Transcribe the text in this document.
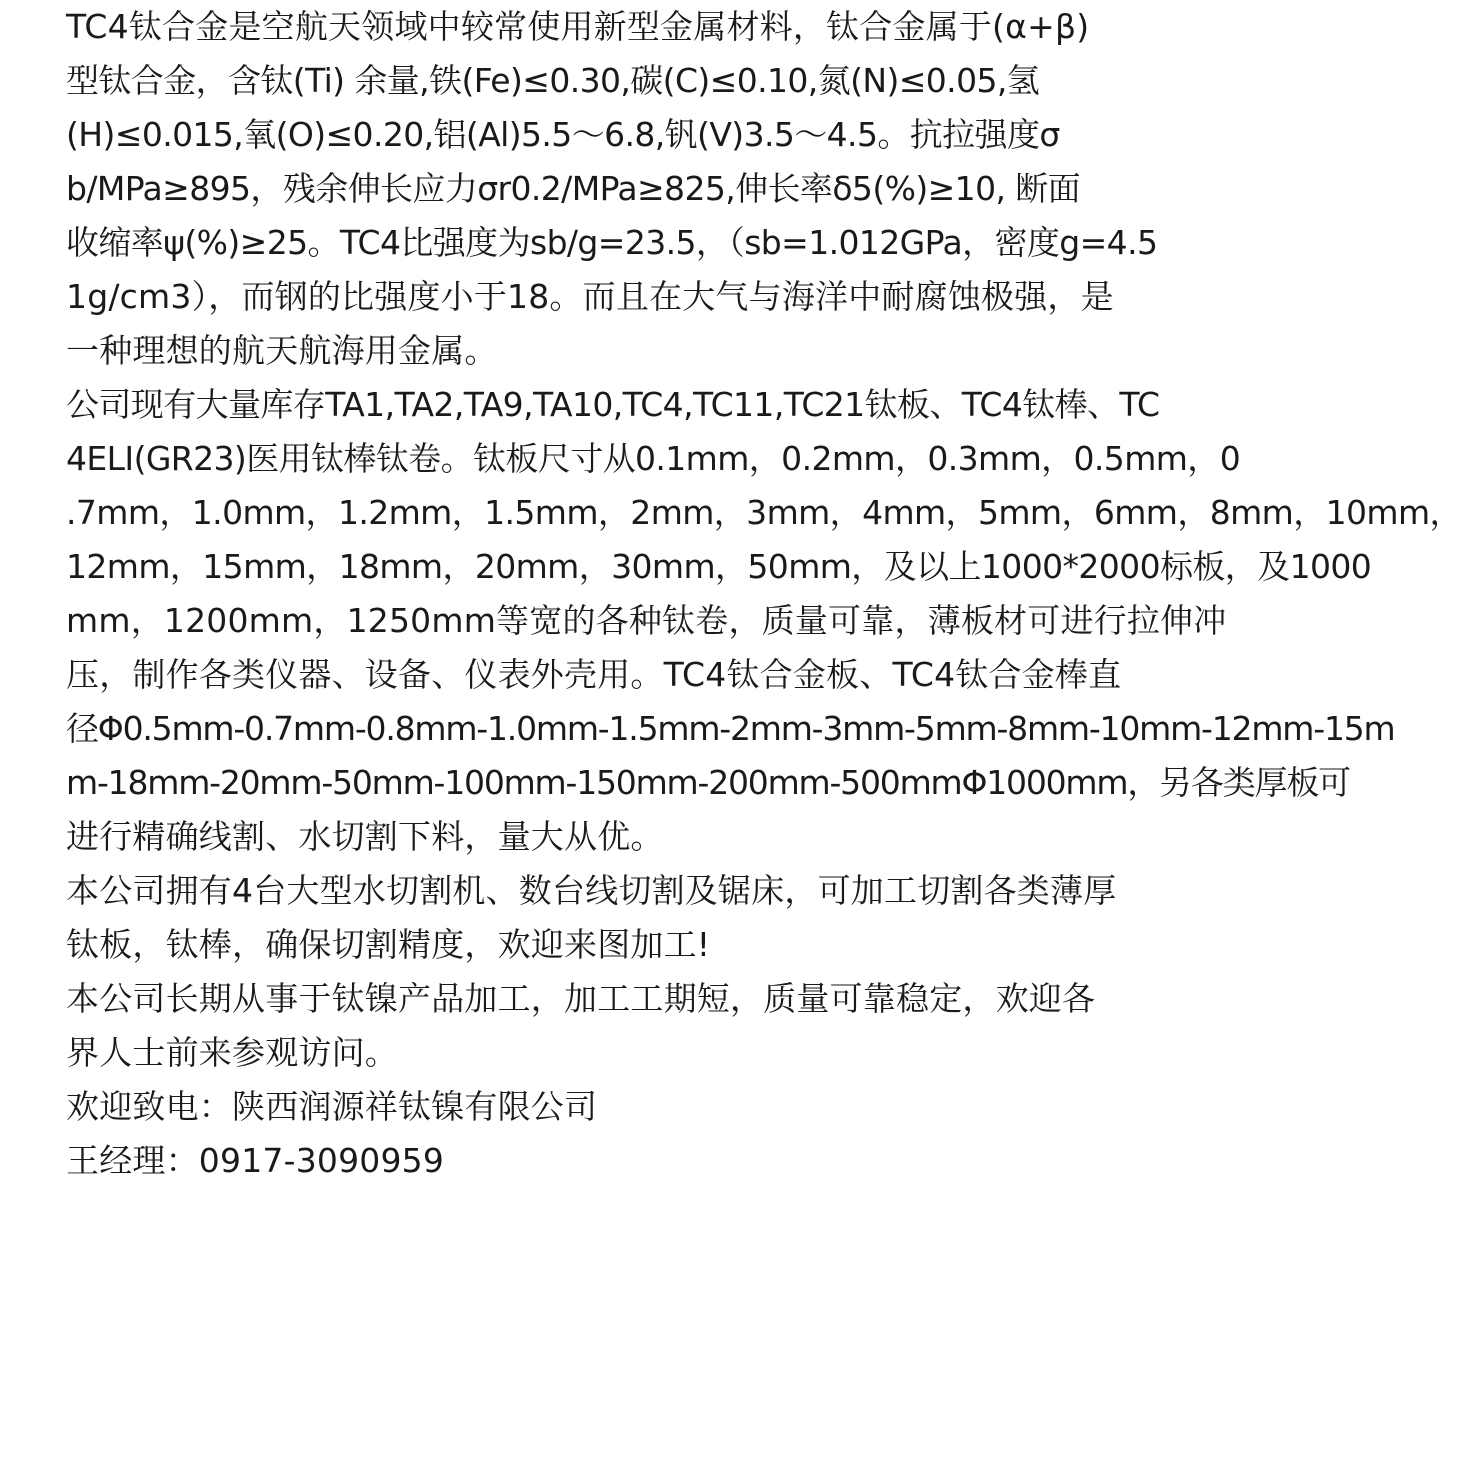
TC4钛合金是空航天领域中较常使用新型金属材料，钛合金属于(α+β)
型钛合金，含钛(Ti) 余量,铁(Fe)≤0.30,碳(C)≤0.10,氮(N)≤0.05,氢
(H)≤0.015,氧(O)≤0.20,铝(Al)5.5～6.8,钒(V)3.5～4.5。抗拉强度σ
b/MPa≥895，残余伸长应力σr0.2/MPa≥825,伸长率δ5(%)≥10, 断面
收缩率ψ(%)≥25。TC4比强度为sb/g=23.5，（sb=1.012GPa，密度g=4.5
1g/cm3），而钢的比强度小于18。而且在大气与海洋中耐腐蚀极强，是
一种理想的航天航海用金属。
公司现有大量库存TA1,TA2,TA9,TA10,TC4,TC11,TC21钛板、TC4钛棒、TC
4ELI(GR23)医用钛棒钛卷。钛板尺寸从0.1mm，0.2mm，0.3mm，0.5mm，0
.7mm，1.0mm，1.2mm，1.5mm，2mm，3mm，4mm，5mm，6mm，8mm，10mm，
12mm，15mm，18mm，20mm，30mm，50mm，及以上1000*2000标板，及1000
mm，1200mm，1250mm等宽的各种钛卷，质量可靠，薄板材可进行拉伸冲
压，制作各类仪器、设备、仪表外壳用。TC4钛合金板、TC4钛合金棒直
径Φ0.5mm-0.7mm-0.8mm-1.0mm-1.5mm-2mm-3mm-5mm-8mm-10mm-12mm-15m
m-18mm-20mm-50mm-100mm-150mm-200mm-500mmΦ1000mm，另各类厚板可
进行精确线割、水切割下料，量大从优。
本公司拥有4台大型水切割机、数台线切割及锯床，可加工切割各类薄厚
钛板，钛棒，确保切割精度，欢迎来图加工!
本公司长期从事于钛镍产品加工，加工工期短，质量可靠稳定，欢迎各
界人士前来参观访问。
欢迎致电：陕西润源祥钛镍有限公司
王经理：0917-3090959
